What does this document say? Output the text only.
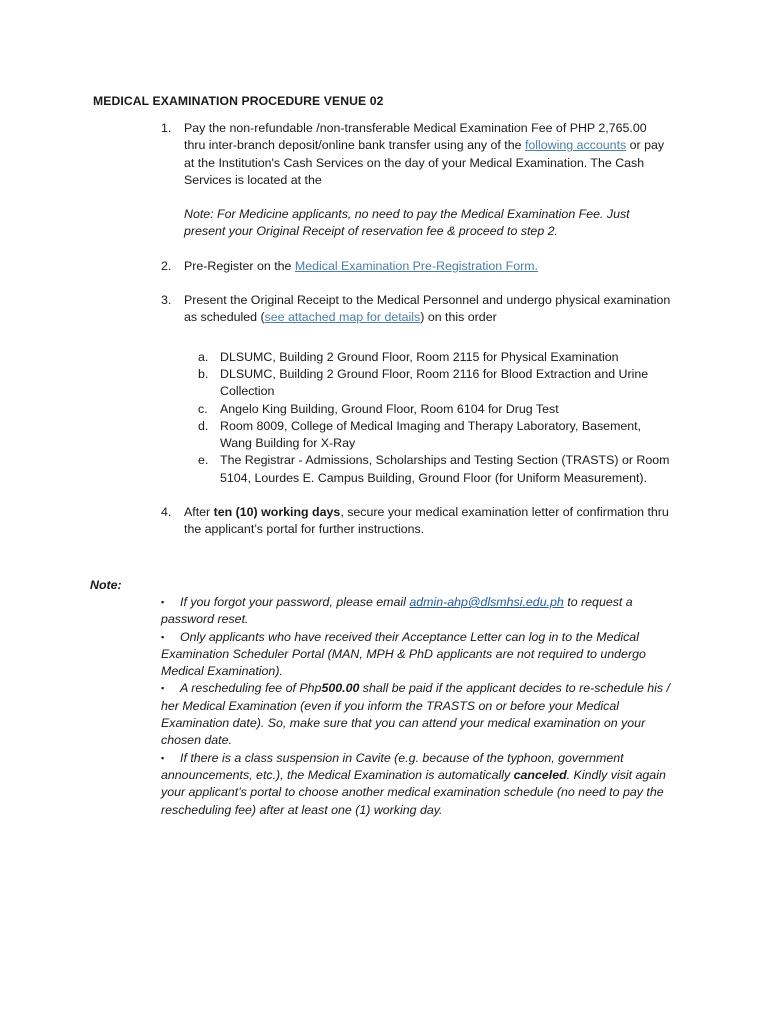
MEDICAL EXAMINATION PROCEDURE VENUE 02
1. Pay the non-refundable /non-transferable Medical Examination Fee of PHP 2,765.00 thru inter-branch deposit/online bank transfer using any of the following accounts or pay at the Institution's Cash Services on the day of your Medical Examination. The Cash Services is located at the
Note: For Medicine applicants, no need to pay the Medical Examination Fee. Just present your Original Receipt of reservation fee & proceed to step 2.
2. Pre-Register on the Medical Examination Pre-Registration Form.
3. Present the Original Receipt to the Medical Personnel and undergo physical examination as scheduled (see attached map for details) on this order
a. DLSUMC, Building 2 Ground Floor, Room 2115 for Physical Examination
b. DLSUMC, Building 2 Ground Floor, Room 2116 for Blood Extraction and Urine Collection
c. Angelo King Building, Ground Floor, Room 6104 for Drug Test
d. Room 8009, College of Medical Imaging and Therapy Laboratory, Basement, Wang Building for X-Ray
e. The Registrar - Admissions, Scholarships and Testing Section (TRASTS) or Room 5104, Lourdes E. Campus Building, Ground Floor (for Uniform Measurement).
4. After ten (10) working days, secure your medical examination letter of confirmation thru the applicant’s portal for further instructions.
Note:
▪ If you forgot your password, please email admin-ahp@dlsmhsi.edu.ph to request a password reset.
▪ Only applicants who have received their Acceptance Letter can log in to the Medical Examination Scheduler Portal (MAN, MPH & PhD applicants are not required to undergo Medical Examination).
▪ A rescheduling fee of Php500.00 shall be paid if the applicant decides to re-schedule his / her Medical Examination (even if you inform the TRASTS on or before your Medical Examination date). So, make sure that you can attend your medical examination on your chosen date.
▪ If there is a class suspension in Cavite (e.g. because of the typhoon, government announcements, etc.), the Medical Examination is automatically canceled. Kindly visit again your applicant’s portal to choose another medical examination schedule (no need to pay the rescheduling fee) after at least one (1) working day.
